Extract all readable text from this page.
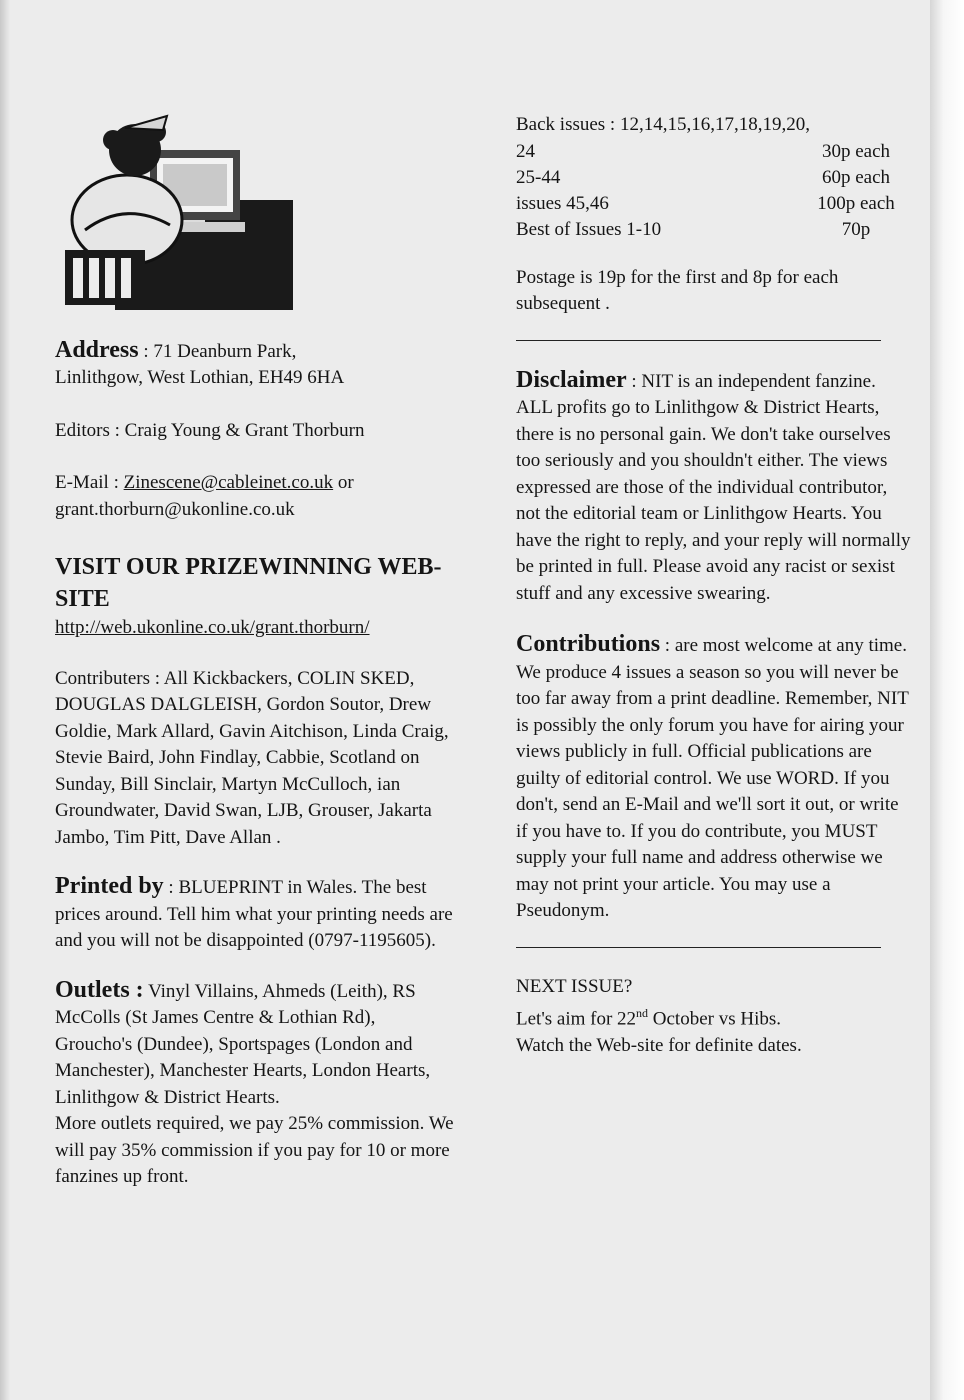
Address : 71 Deanburn Park,
Linlithgow, West Lothian, EH49 6HA

Editors : Craig Young & Grant Thorburn

E-Mail : Zinescene@cableinet.co.uk or
grant.thorburn@ukonline.co.uk

VISIT OUR PRIZEWINNING WEB-SITE

http://web.ukonline.co.uk/grant.thorburn/

Contributers : All Kickbackers, COLIN SKED, DOUGLAS DALGLEISH, Gordon Soutor, Drew Goldie, Mark Allard, Gavin Aitchison, Linda Craig, Stevie Baird, John Findlay, Cabbie, Scotland on Sunday, Bill Sinclair, Martyn McCulloch, ian Groundwater, David Swan, LJB, Grouser, Jakarta Jambo, Tim Pitt, Dave Allan .

Printed by : BLUEPRINT in Wales. The best prices around. Tell him what your printing needs are and you will not be disappointed (0797-1195605).

Outlets : Vinyl Villains, Ahmeds (Leith), RS McColls (St James Centre & Lothian Rd), Groucho's (Dundee), Sportspages (London and Manchester), Manchester Hearts, London Hearts, Linlithgow & District Hearts.

More outlets required, we pay 25% commission. We will pay 35% commission if you pay for 10 or more fanzines up front.

Back issues : 12,14,15,16,17,18,19,20,

24	30p each
25-44	60p each
issues 45,46	100p each
Best of Issues 1-10	70p

Postage is 19p for the first and 8p for each subsequent .

Disclaimer : NIT is an independent fanzine. ALL profits go to Linlithgow & District Hearts, there is no personal gain. We don't take ourselves too seriously and you shouldn't either. The views expressed are those of the individual contributor, not the editorial team or Linlithgow Hearts. You have the right to reply, and your reply will normally be printed in full. Please avoid any racist or sexist stuff and any excessive swearing.

Contributions : are most welcome at any time. We produce 4 issues a season so you will never be too far away from a print deadline. Remember, NIT is possibly the only forum you have for airing your views publicly in full. Official publications are guilty of editorial control. We use WORD. If you don't, send an E-Mail and we'll sort it out, or write if you have to. If you do contribute, you MUST supply your full name and address otherwise we may not print your article. You may use a Pseudonym.

NEXT ISSUE?
Let's aim for 22nd October vs Hibs.
Watch the Web-site for definite dates.
